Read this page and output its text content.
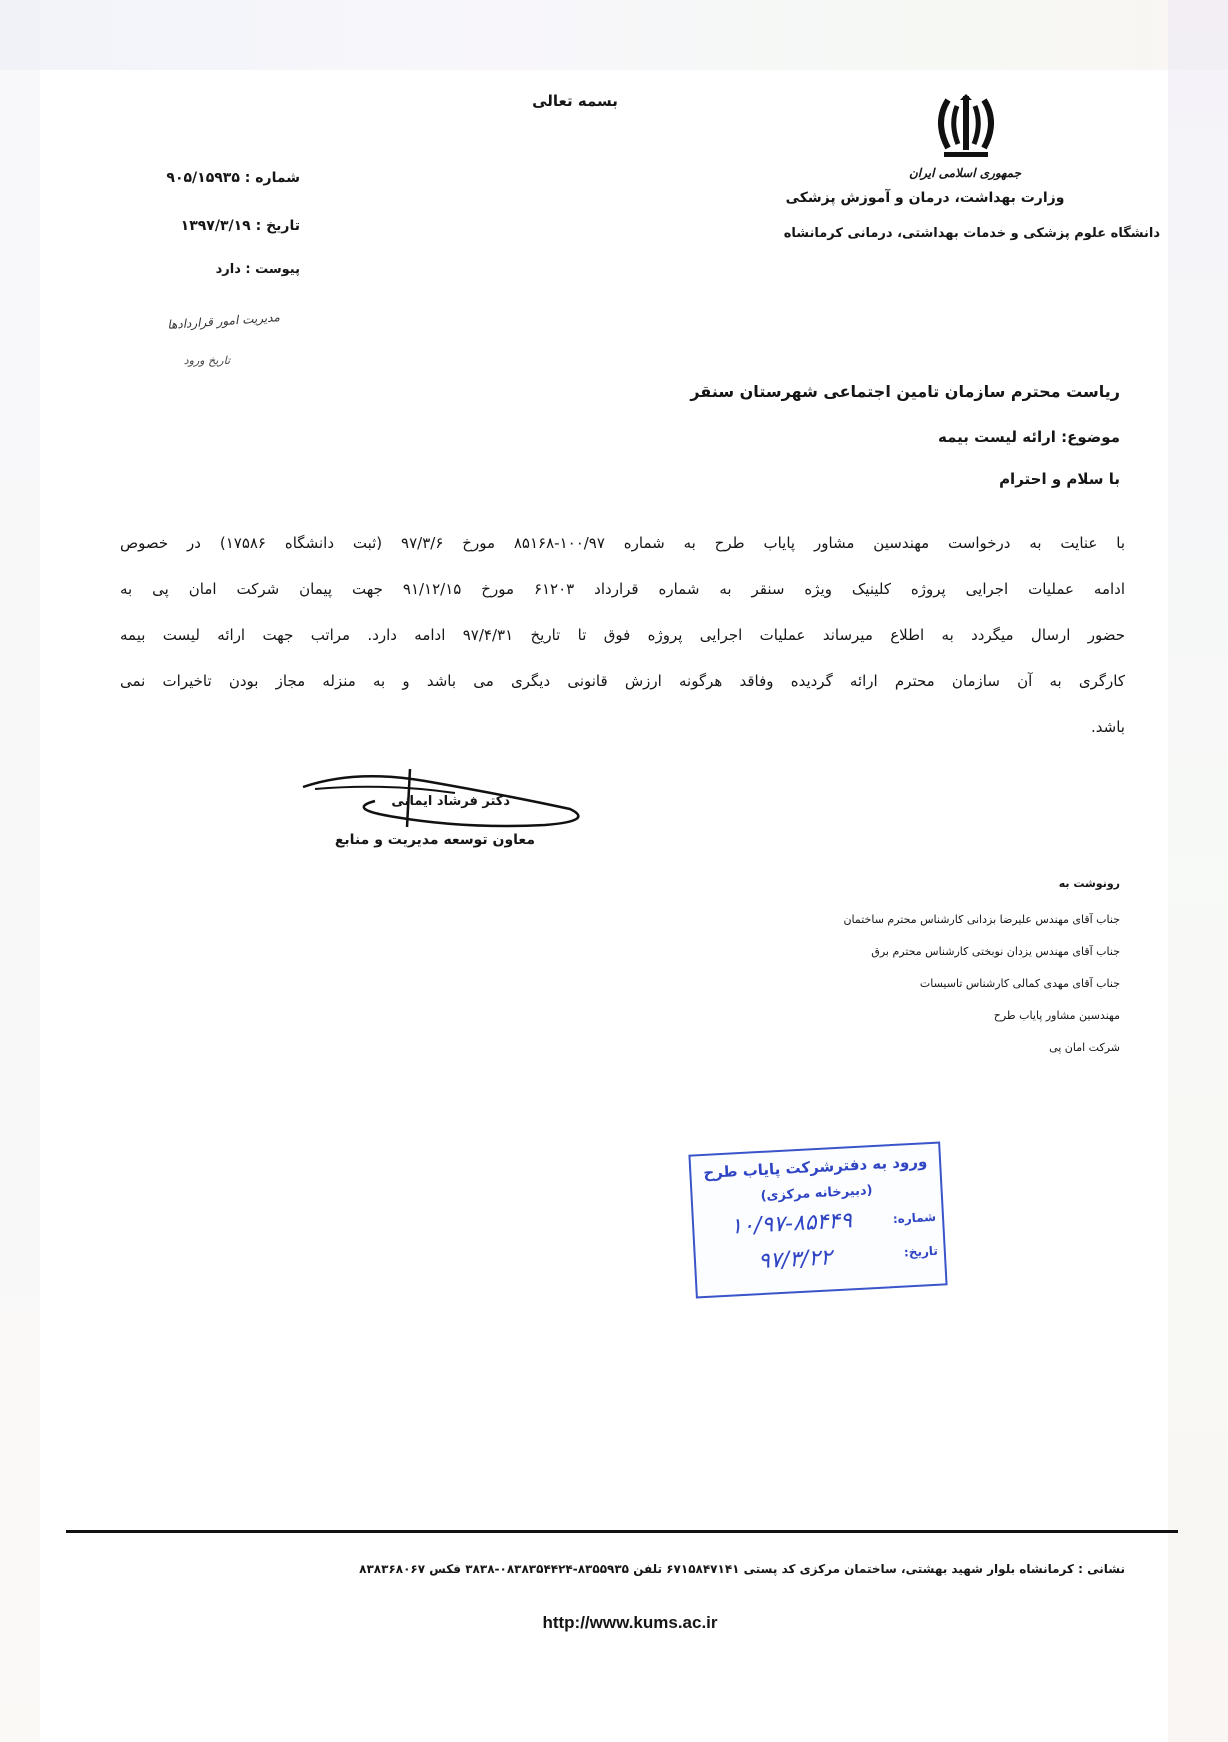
بسمه تعالی
جمهوری اسلامی ایران
وزارت بهداشت، درمان و آموزش پزشکی
دانشگاه علوم پزشکی و خدمات بهداشتی، درمانی کرمانشاه
شماره : ۹۰۵/۱۵۹۳۵
تاریخ : ۱۳۹۷/۳/۱۹
پیوست : دارد
مدیریت امور قراردادها
تاریخ ورود
ریاست محترم سازمان تامین اجتماعی شهرستان سنقر
موضوع: ارائه لیست بیمه
با سلام و احترام
با عنایت به درخواست مهندسین مشاور پایاب طرح به شماره ۱۰۰/۹۷-۸۵۱۶۸ مورخ ۹۷/۳/۶ (ثبت دانشگاه ۱۷۵۸۶) در خصوص
ادامه عملیات اجرایی پروژه کلینیک ویژه سنقر به شماره قرارداد ۶۱۲۰۳ مورخ ۹۱/۱۲/۱۵ جهت پیمان شرکت امان پی به
حضور ارسال میگردد به اطلاع میرساند عملیات اجرایی پروژه فوق تا تاریخ ۹۷/۴/۳۱ ادامه دارد. مراتب جهت ارائه لیست بیمه
کارگری به آن سازمان محترم ارائه گردیده وفاقد هرگونه ارزش قانونی دیگری می باشد و به منزله مجاز بودن تاخیرات نمی
باشد.
دکتر فرشاد ایمانی
معاون توسعه مدیریت و منابع
رونوشت به
جناب آقای مهندس علیرضا بزدانی کارشناس محترم ساختمان
جناب آقای مهندس یزدان نوبختی کارشناس محترم برق
جناب آقای مهدی کمالی کارشناس تاسیسات
مهندسین مشاور پایاب طرح
شرکت امان پی
ورود به دفترشرکت پایاب طرح
(دبیرخانه مرکزی)
شماره:
۱۰/۹۷-۸۵۴۴۹
تاریخ:
۹۷/۳/۲۲
نشانی : کرمانشاه بلوار شهید بهشتی، ساختمان مرکزی کد پستی ۶۷۱۵۸۴۷۱۴۱ تلفن ۸۳۵۵۹۳۵-۰۸۳۸۳۵۴۴۲۴-۳۸۳۸ فکس ۸۳۸۳۶۸۰۶۷
http://www.kums.ac.ir
